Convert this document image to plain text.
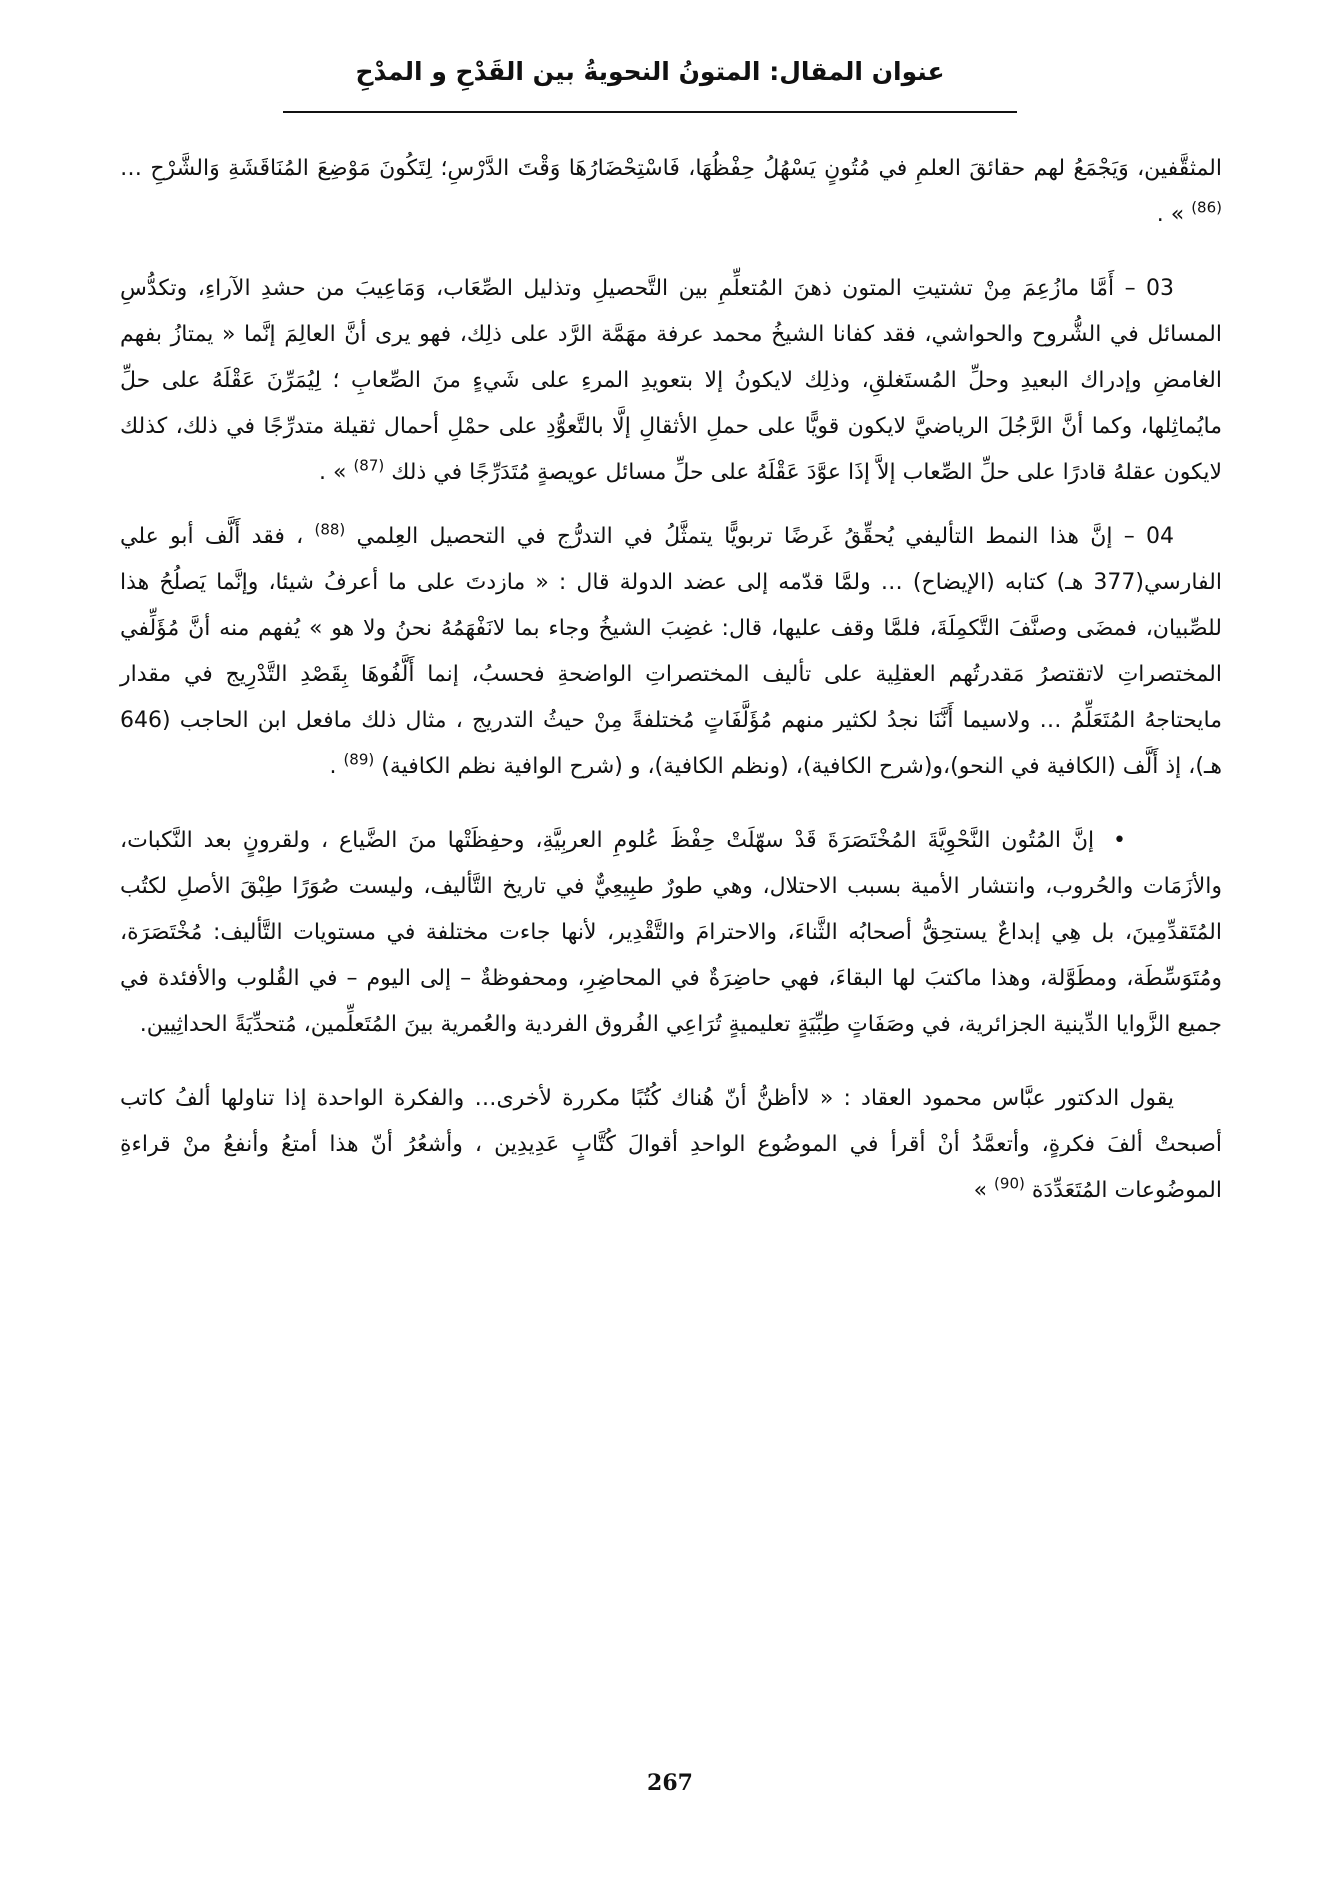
عنوان المقال: المتونُ النحويةُ بين القَدْحِ و المدْحِ

المثقَّفين، وَيَجْمَعُ لهم حقائقَ العلمِ في مُتُونٍ يَسْهُلُ حِفْظُهَا، فَاسْتِحْضَارُهَا وَقْتَ الدَّرْسِ؛ لِتَكُونَ مَوْضِعَ المُنَاقَشَةِ وَالشَّرْحِ … $^{(86)}$ » .

03 – أَمَّا مازُعِمَ مِنْ تشتيتِ المتون ذهنَ المُتعلِّمِ بين التَّحصيلِ وتذليل الصِّعَاب، وَمَاعِيبَ من حشدِ الآراءِ، وتكدُّسِ المسائل في الشُّروح والحواشي، فقد كفانا الشيخُ محمد عرفة مهَمَّة الرَّد على ذلِك، فهو يرى أنَّ العالِمَ إنَّما « يمتازُ بفهم الغامضِ وإدراك البعيدِ وحلِّ المُستَغلقِ، وذلِك لايكونُ إلا بتعويدِ المرءِ على شَيءٍ منَ الصِّعابِ ؛ لِيُمَرِّنَ عَقْلَهُ على حلِّ مايُماثِلها، وكما أنَّ الرَّجُلَ الرياضيَّ لايكون قويًّا على حملِ الأثقالِ إلَّا بالتَّعوُّدِ على حمْلِ أحمال ثقيلة متدرِّجًا في ذلك، كذلك لايكون عقلهُ قادرًا على حلِّ الصِّعاب إلاَّ إذَا عوَّدَ عَقْلَهُ على حلِّ مسائل عويصةٍ مُتَدَرِّجًا في ذلك $^{(87)}$ » .

04 – إنَّ هذا النمط التأليفي يُحقِّقُ غَرضًا تربويًّا يتمثَّلُ في التدرُّج في التحصيل العِلمي $^{(88)}$ ، فقد أَلَّف أبو علي الفارسي(377 هـ) كتابه (الإيضاح) … ولمَّا قدّمه إلى عضد الدولة قال : « مازدتَ على ما أعرفُ شيئا، وإنَّما يَصلُحُ هذا للصِّبيان، فمضَى وصنَّفَ التَّكمِلَةَ، فلمَّا وقف عليها، قال: غضِبَ الشيخُ وجاء بما لانَفْهَمُهُ نحنُ ولا هو » يُفهم منه أنَّ مُؤَلِّفي المختصراتِ لاتقتصرُ مَقدرتُهم العقلِية على تأليف المختصراتِ الواضحةِ فحسبُ، إنما أَلَّفُوهَا بِقَصْدِ التَّدْرِيج في مقدار مايحتاجهُ المُتَعَلِّمُ … ولاسيما أَنَّنَا نجدُ لكثير منهم مُؤَلَّفَاتٍ مُختلفةً مِنْ حيثُ التدريج ، مثال ذلك مافعل ابن الحاجب (646 هـ)، إذ أَلَّف (الكافية في النحو)،و(شرح الكافية)، (ونظم الكافية)، و (شرح الوافية نظم الكافية) $^{(89)}$ .

• إنَّ المُتُون النَّحْوِيَّةَ المُخْتَصَرَةَ قَدْ سهّلَتْ حِفْظَ عُلومِ العربِيَّةِ، وحفِظَتْها منَ الضَّياع ، ولقرونٍ بعد النَّكبات، والأزَمَات والحُروب، وانتشار الأمية بسبب الاحتلال، وهي طورٌ طبِيعِيٌّ في تاريخ التَّأليف، وليست صُوَرًا طِبْقَ الأصلِ لكتُب المُتَقدِّمِينَ، بل هِي إبداعٌ يستحِقُّ أصحابُه الثَّناءَ، والاحترامَ والتَّقْدِير، لأنها جاءت مختلفة في مستويات التَّأليف: مُخْتَصَرَة، ومُتَوَسِّطَة، ومطَوَّلة، وهذا ماكتبَ لها البقاءَ، فهي حاضِرَةٌ في المحاضِرِ، ومحفوظةٌ – إلى اليوم – في القُلوب والأفئدة في جميع الزَّوايا الدِّينية الجزائرية، في وصَفَاتٍ طِبِّيَةٍ تعليميةٍ تُرَاعِي الفُروق الفردية والعُمرية بينَ المُتَعلِّمين، مُتحدِّيَةً الحداثِيين.

يقول الدكتور عبَّاس محمود العقاد : « لاأظنُّ أنّ هُناك كُتُبًا مكررة لأخرى… والفكرة الواحدة إذا تناولها ألفُ كاتب أصبحتْ ألفَ فكرةٍ، وأتعمَّدُ أنْ أقرأ في الموضُوع الواحدِ أقوالَ كُتَّابٍ عَدِيدِين ، وأشعُرُ أنّ هذا أمتعُ وأنفعُ منْ قراءةِ الموضُوعات المُتَعَدِّدَة $^{(90)}$ »

267
